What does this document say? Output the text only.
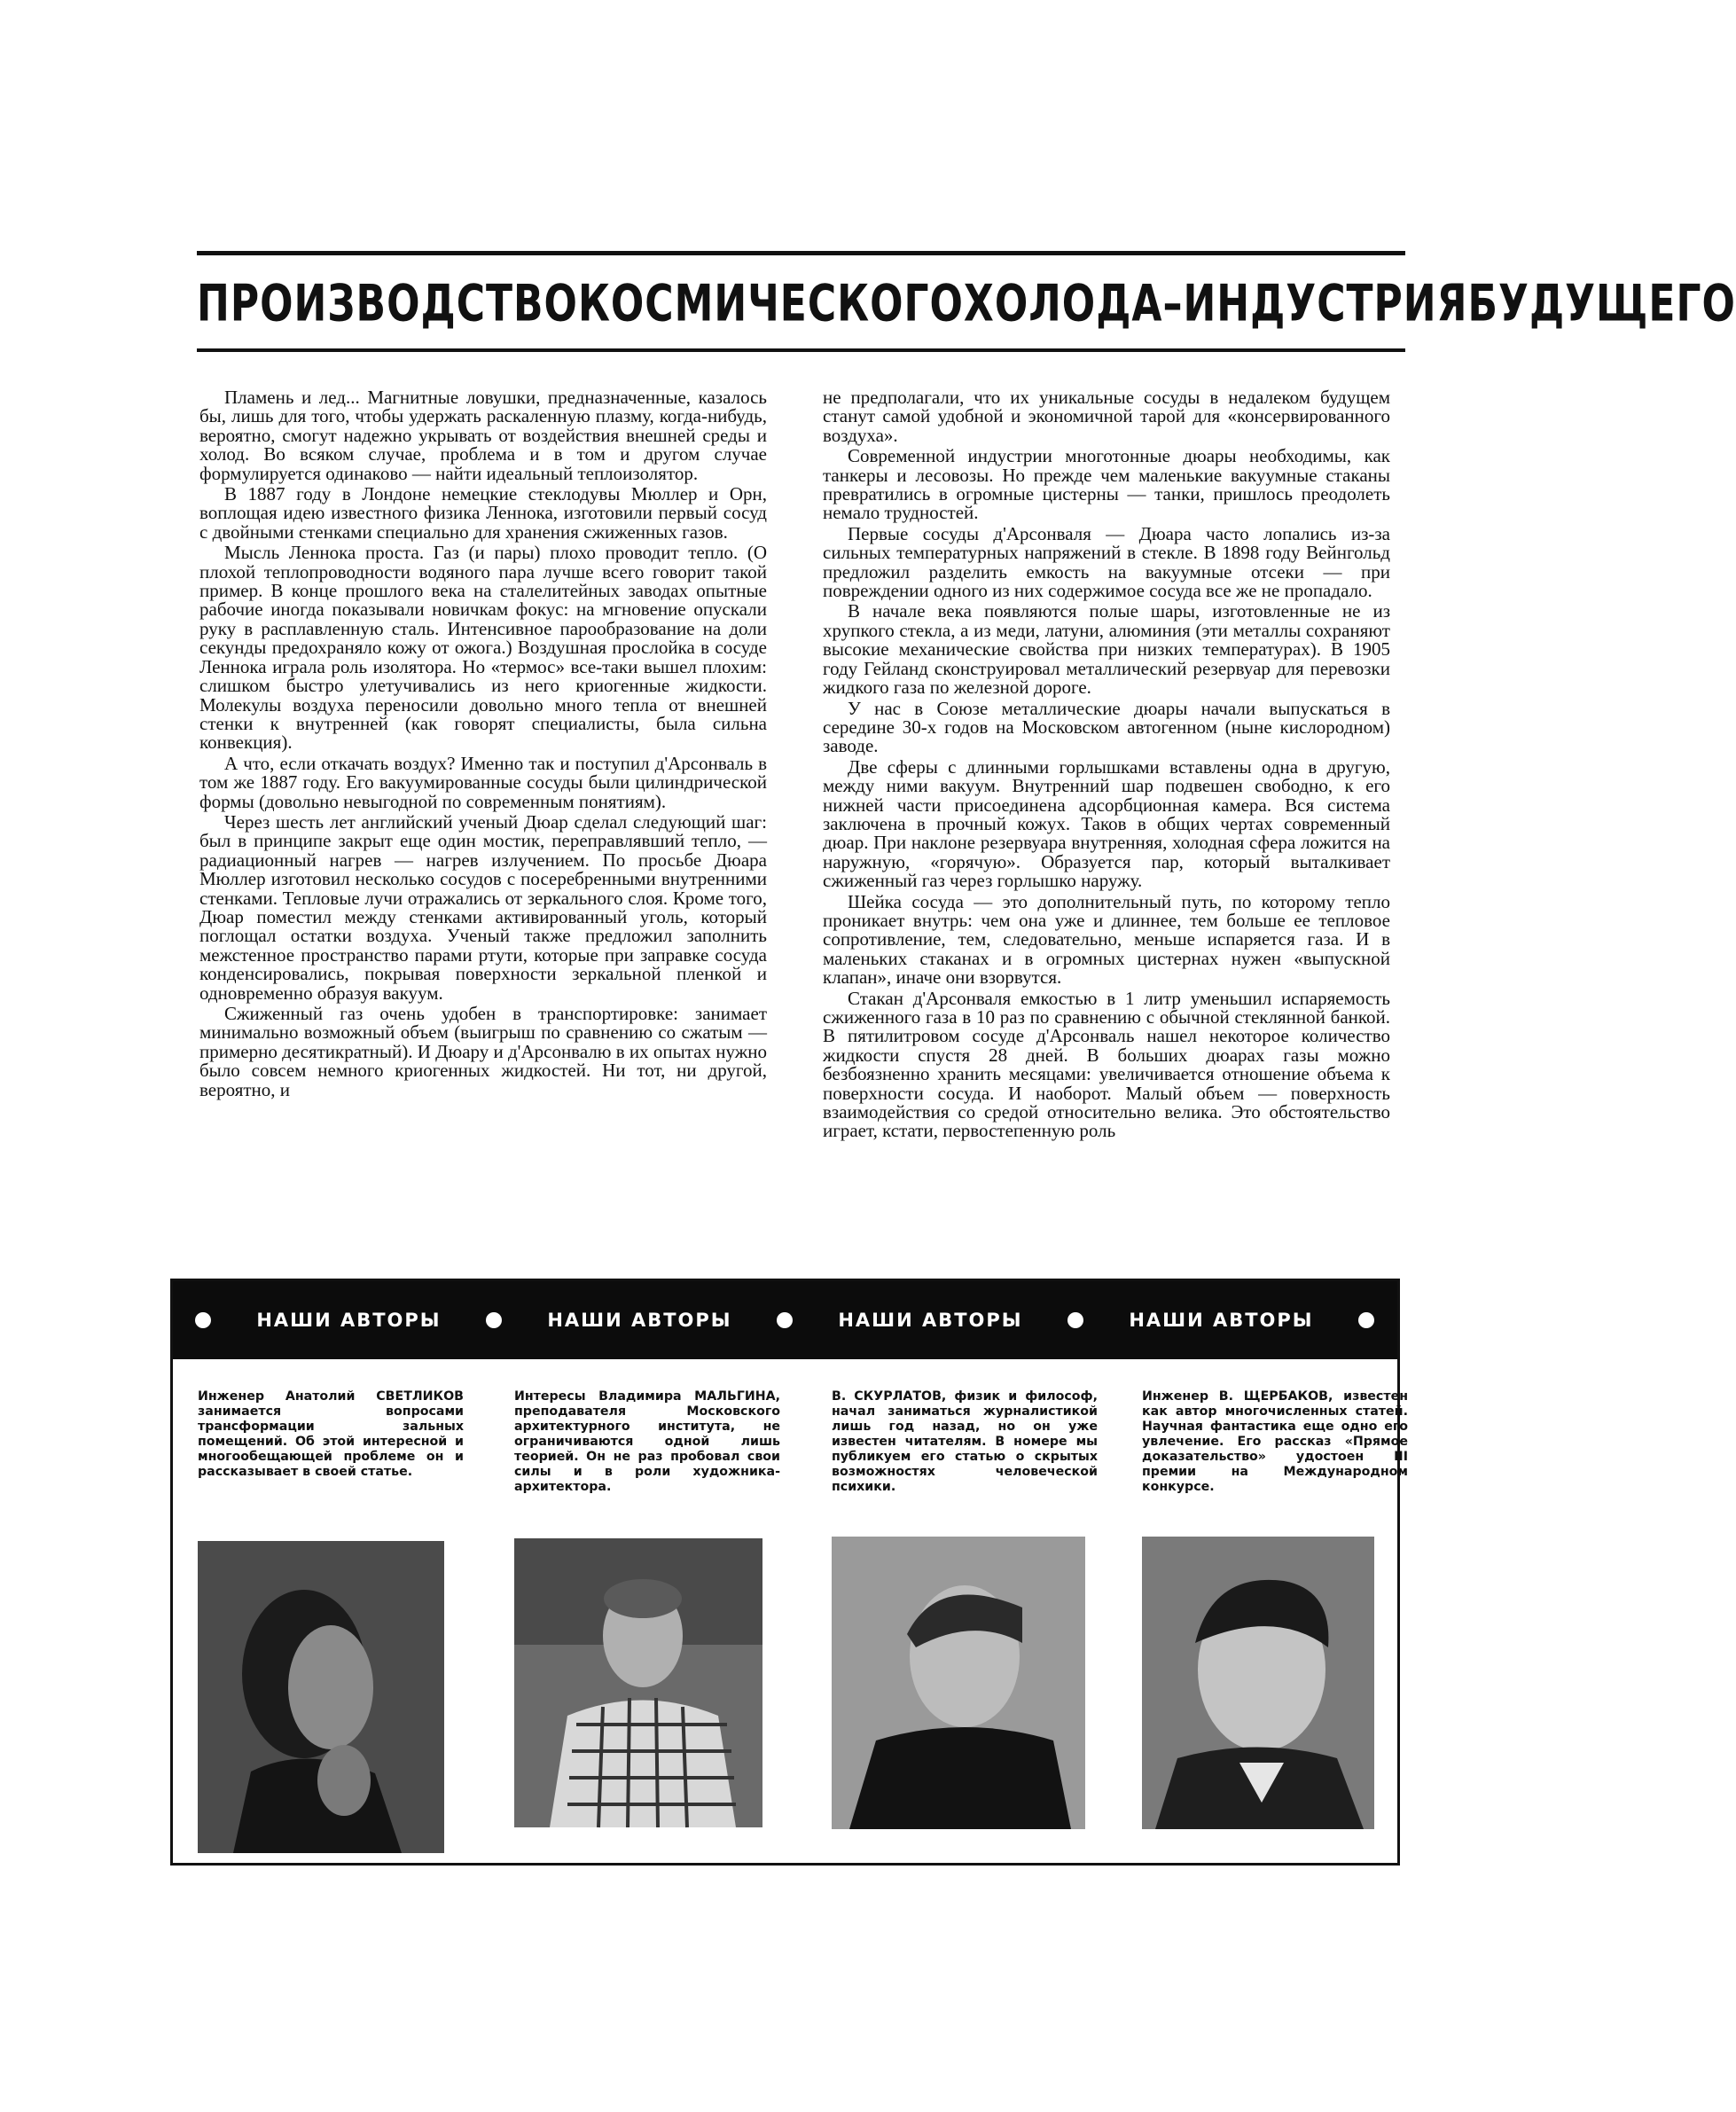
ПРОИЗВОДСТВО КОСМИЧЕСКОГО ХОЛОДА – ИНДУСТРИЯ БУДУЩЕГО

Пламень и лед... Магнитные ловушки, предназначенные, казалось бы, лишь для того, чтобы удержать раскаленную плазму, когда-нибудь, вероятно, смогут надежно укрывать от воздействия внешней среды и холод. Во всяком случае, проблема и в том и другом случае формулируется одинаково — найти идеальный теплоизолятор.

В 1887 году в Лондоне немецкие стеклодувы Мюллер и Орн, воплощая идею известного физика Леннока, изготовили первый сосуд с двойными стенками специально для хранения сжиженных газов.

Мысль Леннока проста. Газ (и пары) плохо проводит тепло. (О плохой теплопроводности водяного пара лучше всего говорит такой пример. В конце прошлого века на сталелитейных заводах опытные рабочие иногда показывали новичкам фокус: на мгновение опускали руку в расплавленную сталь. Интенсивное парообразование на доли секунды предохраняло кожу от ожога.) Воздушная прослойка в сосуде Леннока играла роль изолятора. Но «термос» все-таки вышел плохим: слишком быстро улетучивались из него криогенные жидкости. Молекулы воздуха переносили довольно много тепла от внешней стенки к внутренней (как говорят специалисты, была сильна конвекция).

А что, если откачать воздух? Именно так и поступил д'Арсонваль в том же 1887 году. Его вакуумированные сосуды были цилиндрической формы (довольно невыгодной по современным понятиям).

Через шесть лет английский ученый Дюар сделал следующий шаг: был в принципе закрыт еще один мостик, переправлявший тепло, — радиационный нагрев — нагрев излучением. По просьбе Дюара Мюллер изготовил несколько сосудов с посеребренными внутренними стенками. Тепловые лучи отражались от зеркального слоя. Кроме того, Дюар поместил между стенками активированный уголь, который поглощал остатки воздуха. Ученый также предложил заполнить межстенное пространство парами ртути, которые при заправке сосуда конденсировались, покрывая поверхности зеркальной пленкой и одновременно образуя вакуум.

Сжиженный газ очень удобен в транспортировке: занимает минимально возможный объем (выигрыш по сравнению со сжатым — примерно десятикратный). И Дюару и д'Арсонвалю в их опытах нужно было совсем немного криогенных жидкостей. Ни тот, ни другой, вероятно, и

не предполагали, что их уникальные сосуды в недалеком будущем станут самой удобной и экономичной тарой для «консервированного воздуха».

Современной индустрии многотонные дюары необходимы, как танкеры и лесовозы. Но прежде чем маленькие вакуумные стаканы превратились в огромные цистерны — танки, пришлось преодолеть немало трудностей.

Первые сосуды д'Арсонваля — Дюара часто лопались из-за сильных температурных напряжений в стекле. В 1898 году Вейнгольд предложил разделить емкость на вакуумные отсеки — при повреждении одного из них содержимое сосуда все же не пропадало.

В начале века появляются полые шары, изготовленные не из хрупкого стекла, а из меди, латуни, алюминия (эти металлы сохраняют высокие механические свойства при низких температурах). В 1905 году Гейланд сконструировал металлический резервуар для перевозки жидкого газа по железной дороге.

У нас в Союзе металлические дюары начали выпускаться в середине 30-х годов на Московском автогенном (ныне кислородном) заводе.

Две сферы с длинными горлышками вставлены одна в другую, между ними вакуум. Внутренний шар подвешен свободно, к его нижней части присоединена адсорбционная камера. Вся система заключена в прочный кожух. Таков в общих чертах современный дюар. При наклоне резервуара внутренняя, холодная сфера ложится на наружную, «горячую». Образуется пар, который выталкивает сжиженный газ через горлышко наружу.

Шейка сосуда — это дополнительный путь, по которому тепло проникает внутрь: чем она уже и длиннее, тем больше ее тепловое сопротивление, тем, следовательно, меньше испаряется газа. И в маленьких стаканах и в огромных цистернах нужен «выпускной клапан», иначе они взорвутся.

Стакан д'Арсонваля емкостью в 1 литр уменьшил испаряемость сжиженного газа в 10 раз по сравнению с обычной стеклянной банкой. В пятилитровом сосуде д'Арсонваль нашел некоторое количество жидкости спустя 28 дней. В больших дюарах газы можно безбоязненно хранить месяцами: увеличивается отношение объема к поверхности сосуда. И наоборот. Малый объем — поверхность взаимодействия со средой относительно велика. Это обстоятельство играет, кстати, первостепенную роль

НАШИ АВТОРЫ	НАШИ АВТОРЫ	НАШИ АВТОРЫ	НАШИ АВТОРЫ

Инженер Анатолий СВЕТЛИКОВ занимается вопросами трансформации зальных помещений. Об этой интересной и многообещающей проблеме он и рассказывает в своей статье.

Интересы Владимира МАЛЬГИНА, преподавателя Московского архитектурного института, не ограничиваются одной лишь теорией. Он не раз пробовал свои силы и в роли художника-архитектора.

В. СКУРЛАТОВ, физик и философ, начал заниматься журналистикой лишь год назад, но он уже известен читателям. В номере мы публикуем его статью о скрытых возможностях человеческой психики.

Инженер В. ЩЕРБАКОВ, известен как автор многочисленных статей. Научная фантастика еще одно его увлечение. Его рассказ «Прямое доказательство» удостоен III премии на Международном конкурсе.
